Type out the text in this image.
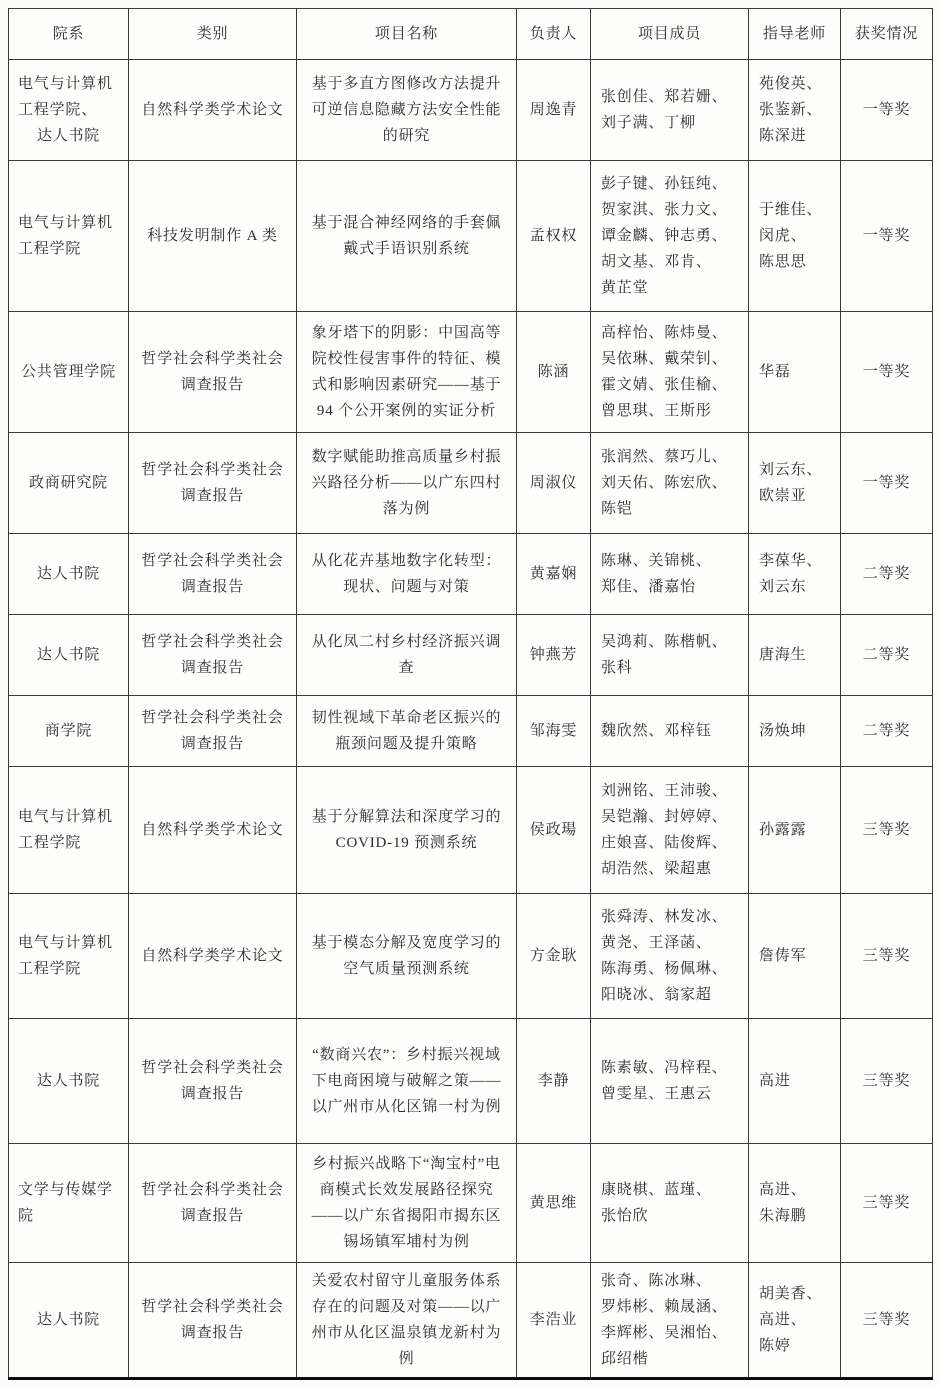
院系	类别	项目名称	负责人	项目成员	指导老师	获奖情况
电气与计算机工程学院 、达人书院	自然科学类学术论文	基于多直方图修改方法提升可逆信息隐藏方法安全性能的研究	周逸青	张创佳 、 郑若姗 、刘子满 、 丁柳	苑俊英 、张鉴新 、陈深进	一等奖
电气与计算机工程学院	科技发明制作 A 类	基于混合神经网络的手套佩戴式手语识别系统	孟权权	彭子键 、 孙钰纯 、贺家淇 、 张力文 、谭金麟 、 钟志勇 、胡文基 、 邓肯 、黄芷堂	于维佳 、闵虎 、陈思思	一等奖
公共管理学院	哲学社会科学类社会调查报告	象牙塔下的阴影：中国高等院校性侵害事件的特征、模式和影响因素研究——基于 94 个公开案例的实证分析	陈涵	高梓怡 、 陈炜曼 、吴依琳 、 戴荣钊 、霍文婧 、 张佳榆 、曾思琪 、 王斯彤	华磊	一等奖
政商研究院	哲学社会科学类社会调查报告	数字赋能助推高质量乡村振兴路径分析——以广东四村落为例	周淑仪	张润然 、 蔡巧儿 、刘天佑 、 陈宏欣 、陈铠	刘云东 、欧崇亚	一等奖
达人书院	哲学社会科学类社会调查报告	从化花卉基地数字化转型：现状、问题与对策	黄嘉娴	陈琳 、 关锦桃 、郑佳 、 潘嘉怡	李葆华 、刘云东	二等奖
达人书院	哲学社会科学类社会调查报告	从化凤二村乡村经济振兴调查	钟燕芳	吴鸿莉 、 陈楷帆 、张科	唐海生	二等奖
商学院	哲学社会科学类社会调查报告	韧性视域下革命老区振兴的瓶颈问题及提升策略	邹海雯	魏欣然 、 邓梓钰	汤焕坤	二等奖
电气与计算机工程学院	自然科学类学术论文	基于分解算法和深度学习的COVID-19 预测系统	侯政瑒	刘洲铭 、 王沛骏 、吴铠瀚 、 封婷婷 、庄娘喜 、 陆俊辉 、胡浩然 、 梁超惠	孙露露	三等奖
电气与计算机工程学院	自然科学类学术论文	基于模态分解及宽度学习的空气质量预测系统	方金耿	张舜涛 、 林发冰 、黄尧 、 王泽菡 、陈海勇 、 杨佩琳 、阳晓冰 、 翁家超	詹俦军	三等奖
达人书院	哲学社会科学类社会调查报告	“数商兴农”：乡村振兴视域下电商困境与破解之策——以广州市从化区锦一村为例	李静	陈素敏 、 冯梓程 、曾雯星 、 王惠云	高进	三等奖
文学与传媒学院	哲学社会科学类社会调查报告	乡村振兴战略下“淘宝村”电商模式长效发展路径探究——以广东省揭阳市揭东区锡场镇军埔村为例	黄思维	康晓棋 、 蓝瑾 、张怡欣	高进 、朱海鹏	三等奖
达人书院	哲学社会科学类社会调查报告	关爱农村留守儿童服务体系存在的问题及对策——以广州市从化区温泉镇龙新村为例	李浩业	张奇 、 陈冰琳 、罗炜彬 、 赖晟涵 、李辉彬 、 吴湘怡 、邱绍楷	胡美香 、高进 、陈婷	三等奖
